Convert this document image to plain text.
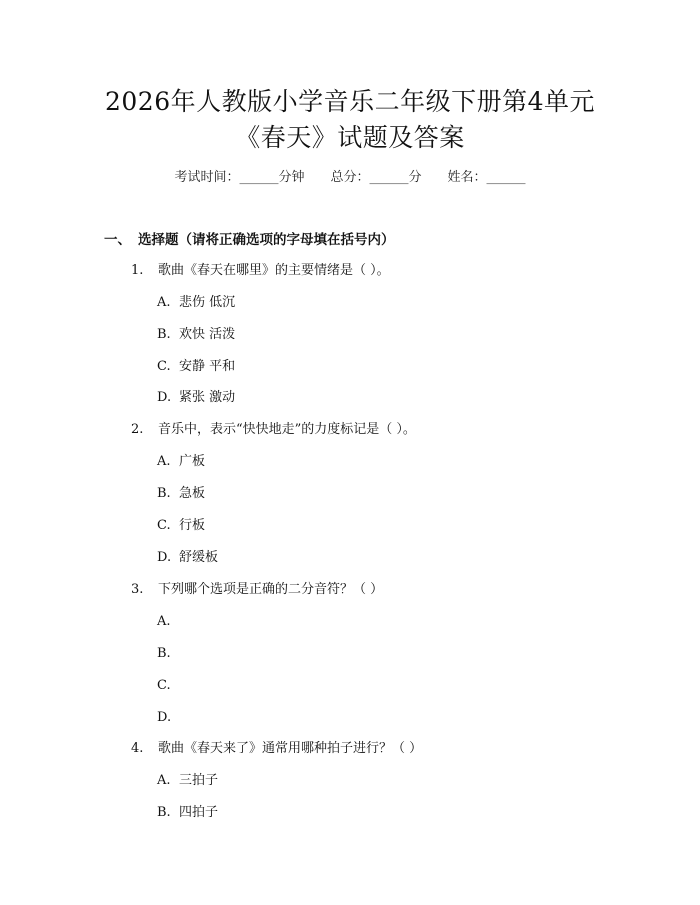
2026年人教版小学音乐二年级下册第4单元
《春天》试题及答案
考试时间：______分钟 总分：______分 姓名：______
一、 选择题（请将正确选项的字母填在括号内）
1. 歌曲《春天在哪里》的主要情绪是（ ）。
A. 悲伤 低沉
B. 欢快 活泼
C. 安静 平和
D. 紧张 激动
2. 音乐中，表示“快快地走”的力度标记是（ ）。
A. 广板
B. 急板
C. 行板
D. 舒缓板
3. 下列哪个选项是正确的二分音符？（ ）
A.
B.
C.
D.
4. 歌曲《春天来了》通常用哪种拍子进行？（ ）
A. 三拍子
B. 四拍子
